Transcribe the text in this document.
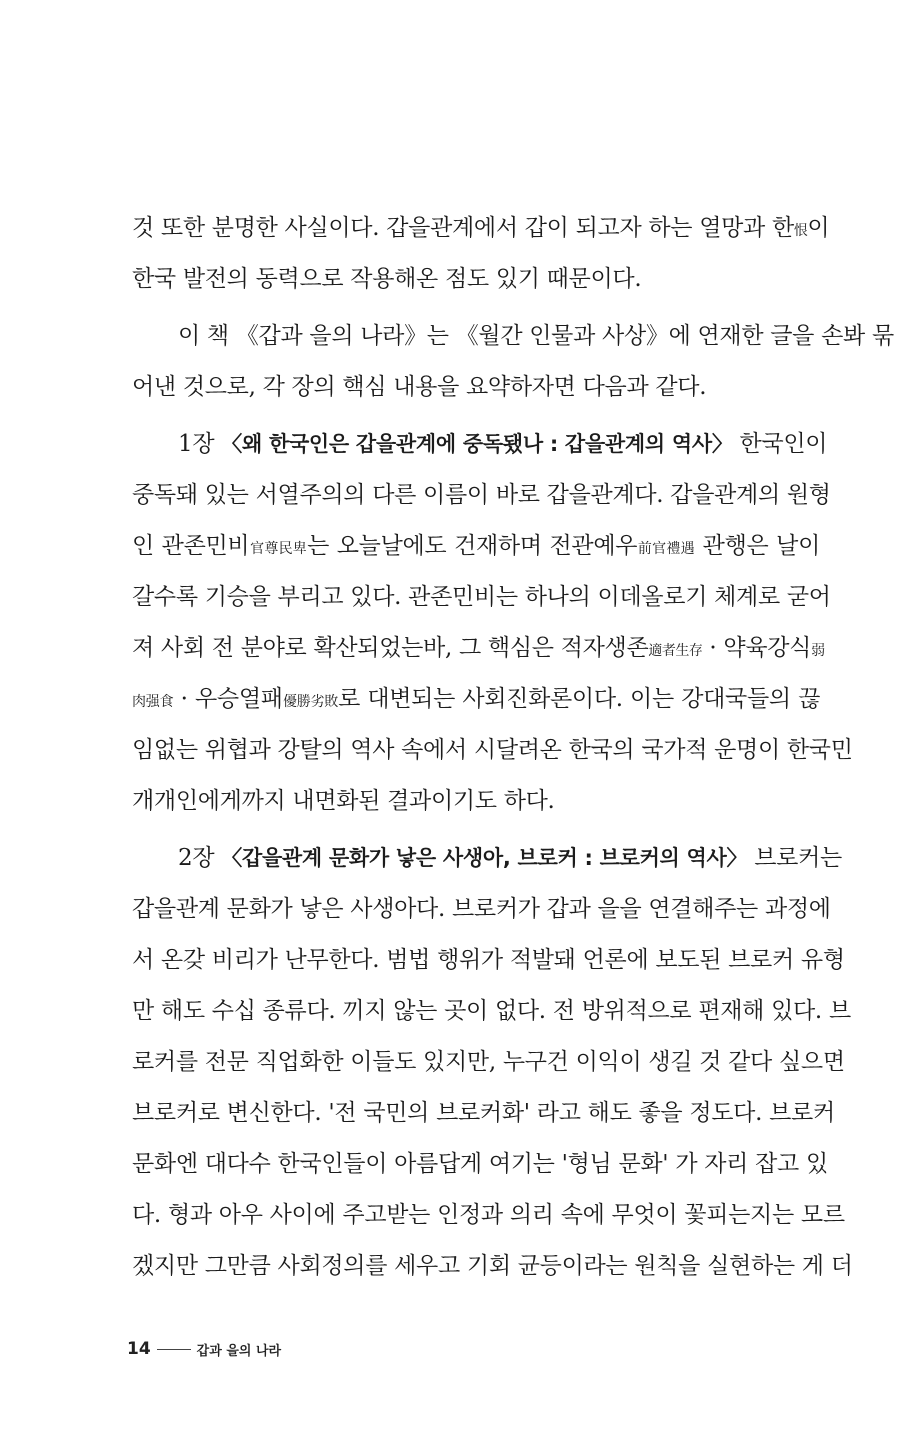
것 또한 분명한 사실이다. 갑을관계에서 갑이 되고자 하는 열망과 한恨이
한국 발전의 동력으로 작용해온 점도 있기 때문이다.
이 책 《갑과 을의 나라》는 《월간 인물과 사상》에 연재한 글을 손봐 묶
어낸 것으로, 각 장의 핵심 내용을 요약하자면 다음과 같다.
1장 〈왜 한국인은 갑을관계에 중독됐나 : 갑을관계의 역사〉 한국인이
중독돼 있는 서열주의의 다른 이름이 바로 갑을관계다. 갑을관계의 원형
인 관존민비官尊民卑는 오늘날에도 건재하며 전관예우前官禮遇 관행은 날이
갈수록 기승을 부리고 있다. 관존민비는 하나의 이데올로기 체계로 굳어
져 사회 전 분야로 확산되었는바, 그 핵심은 적자생존適者生存 · 약육강식弱
肉强食 · 우승열패優勝劣敗로 대변되는 사회진화론이다. 이는 강대국들의 끊
임없는 위협과 강탈의 역사 속에서 시달려온 한국의 국가적 운명이 한국민
개개인에게까지 내면화된 결과이기도 하다.
2장 〈갑을관계 문화가 낳은 사생아, 브로커 : 브로커의 역사〉 브로커는
갑을관계 문화가 낳은 사생아다. 브로커가 갑과 을을 연결해주는 과정에
서 온갖 비리가 난무한다. 범법 행위가 적발돼 언론에 보도된 브로커 유형
만 해도 수십 종류다. 끼지 않는 곳이 없다. 전 방위적으로 편재해 있다. 브
로커를 전문 직업화한 이들도 있지만, 누구건 이익이 생길 것 같다 싶으면
브로커로 변신한다. '전 국민의 브로커화' 라고 해도 좋을 정도다. 브로커
문화엔 대다수 한국인들이 아름답게 여기는 '형님 문화' 가 자리 잡고 있
다. 형과 아우 사이에 주고받는 인정과 의리 속에 무엇이 꽃피는지는 모르
겠지만 그만큼 사회정의를 세우고 기회 균등이라는 원칙을 실현하는 게 더
14	갑과 을의 나라
